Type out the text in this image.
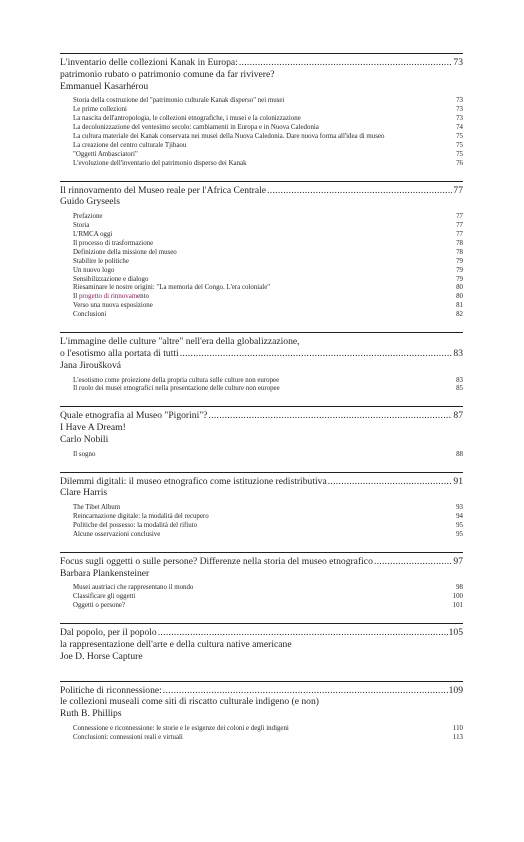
L'inventario delle collezioni Kanak in Europa: .....	73
patrimonio rubato o patrimonio comune da far rivivere?
Emmanuel Kasarhérou
Storia della costruzione del "patrimonio culturale Kanak disperso" nei musei	73
Le prime collezioni	73
La nascita dell'antropologia, le collezioni etnografiche, i musei e la colonizzazione	73
La decolonizzazione del ventesimo secolo: cambiamenti in Europa e in Nuova Caledonia	74
La cultura materiale dei Kanak conservata nei musei della Nuova Caledonia. Dare nuova forma all'idea di museo	75
La creazione del centro culturale Tjibaou	75
"Oggetti Ambasciatori"	75
L'evoluzione dell'inventario del patrimonio disperso dei Kanak	76
Il rinnovamento del Museo reale per l'Africa Centrale .....	77
Guido Gryseels
Prefazione	77
Storia	77
L'RMCA oggi	77
Il processo di trasformazione	78
Definizione della missione del museo	78
Stabilire le politiche	79
Un nuovo logo	79
Sensibilizzazione e dialogo	79
Riesaminare le nostre origini: "La memoria del Congo. L'era coloniale"	80
Il progetto di rinnovamento	80
Verso una nuova esposizione	81
Conclusioni	82
L'immagine delle culture "altre" nell'era della globalizzazione,
o l'esotismo alla portata di tutti .....	83
Jana Jiroušková
L'esotismo come proiezione della propria cultura sulle culture non europee	83
Il ruolo dei musei etnografici nella presentazione delle culture non europee	85
Quale etnografia al Museo "Pigorini"? .....	87
I Have A Dream!
Carlo Nobili
Il sogno	88
Dilemmi digitali: il museo etnografico come istituzione redistributiva .....	91
Clare Harris
The Tibet Album	93
Reincarnazione digitale: la modalità del recupero	94
Politiche del possesso: la modalità del rifiuto	95
Alcune osservazioni conclusive	95
Focus sugli oggetti o sulle persone? Differenze nella storia del museo etnografico .....	97
Barbara Plankensteiner
Musei austriaci che rappresentano il mondo	98
Classificare gli oggetti	100
Oggetti o persone?	101
Dal popolo, per il popolo .....	105
la rappresentazione dell'arte e della cultura native americane
Joe D. Horse Capture
Politiche di riconnessione: .....	109
le collezioni museali come siti di riscatto culturale indigeno (e non)
Ruth B. Phillips
Connessione e riconnessione: le storie e le esigenze dei coloni e degli indigeni	110
Conclusioni: connessioni reali e virtuali	113
